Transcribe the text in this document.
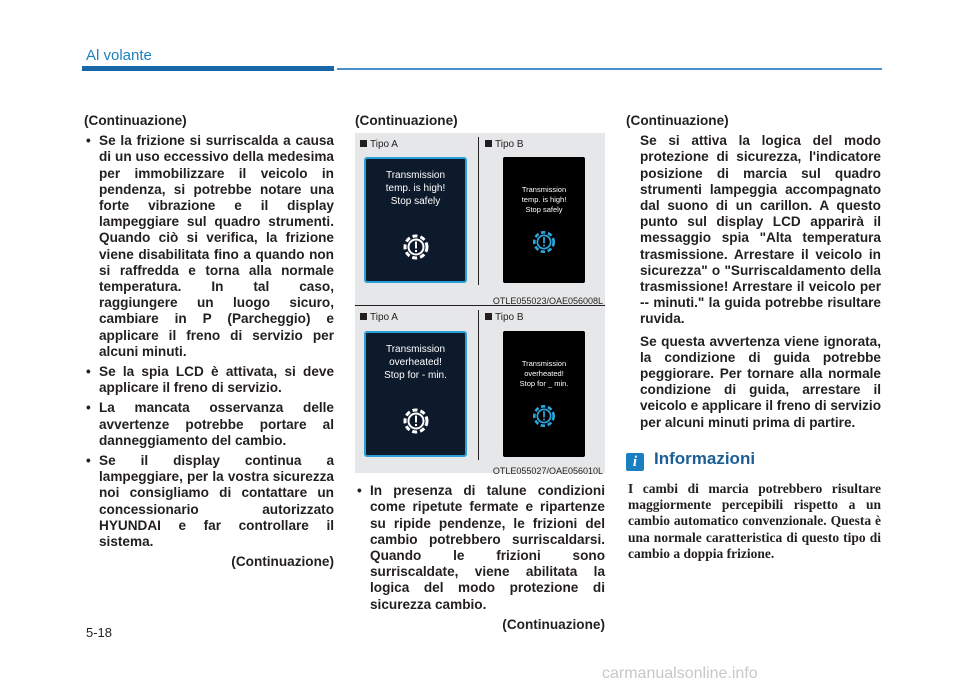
Al volante
(Continuazione)
• Se la frizione si surriscalda a causa di un uso eccessivo della medesima per immobilizzare il veicolo in pendenza, si potrebbe notare una forte vibrazione e il display lampeggiare sul quadro strumenti. Quando ciò si verifica, la frizione viene disabilitata fino a quando non si raffredda e torna alla normale temperatura. In tal caso, raggiungere un luogo sicuro, cambiare in P (Parcheggio) e applicare il freno di servizio per alcuni minuti.
• Se la spia LCD è attivata, si deve applicare il freno di servizio.
• La mancata osservanza delle avvertenze potrebbe portare al danneggiamento del cambio.
• Se il display continua a lampeggiare, per la vostra sicurezza noi consigliamo di contattare un concessionario autorizzato HYUNDAI e far controllare il sistema.
(Continuazione)
(Continuazione)
Tipo A	Tipo B
Transmission
temp. is high!
Stop safely
Transmission
temp. is high!
Stop safely
OTLE055023/OAE056008L
Tipo A	Tipo B
Transmission
overheated!
Stop for - min.
Transmission
overheated!
Stop for _ min.
OTLE055027/OAE056010L
• In presenza di talune condizioni come ripetute fermate e ripartenze su ripide pendenze, le frizioni del cambio potrebbero surriscaldarsi. Quando le frizioni sono surriscaldate, viene abilitata la logica del modo protezione di sicurezza cambio.
(Continuazione)
(Continuazione)
Se si attiva la logica del modo protezione di sicurezza, l'indicatore posizione di marcia sul quadro strumenti lampeggia accompagnato dal suono di un carillon. A questo punto sul display LCD apparirà il messaggio spia "Alta temperatura trasmissione. Arrestare il veicolo in sicurezza" o "Surriscaldamento della trasmissione! Arrestare il veicolo per -- minuti." la guida potrebbe risultare ruvida.
Se questa avvertenza viene ignorata, la condizione di guida potrebbe peggiorare. Per tornare alla normale condizione di guida, arrestare il veicolo e applicare il freno di servizio per alcuni minuti prima di partire.
i Informazioni
I cambi di marcia potrebbero risultare maggiormente percepibili rispetto a un cambio automatico convenzionale. Questa è una normale caratteristica di questo tipo di cambio a doppia frizione.
5-18
carmanualsonline.info
